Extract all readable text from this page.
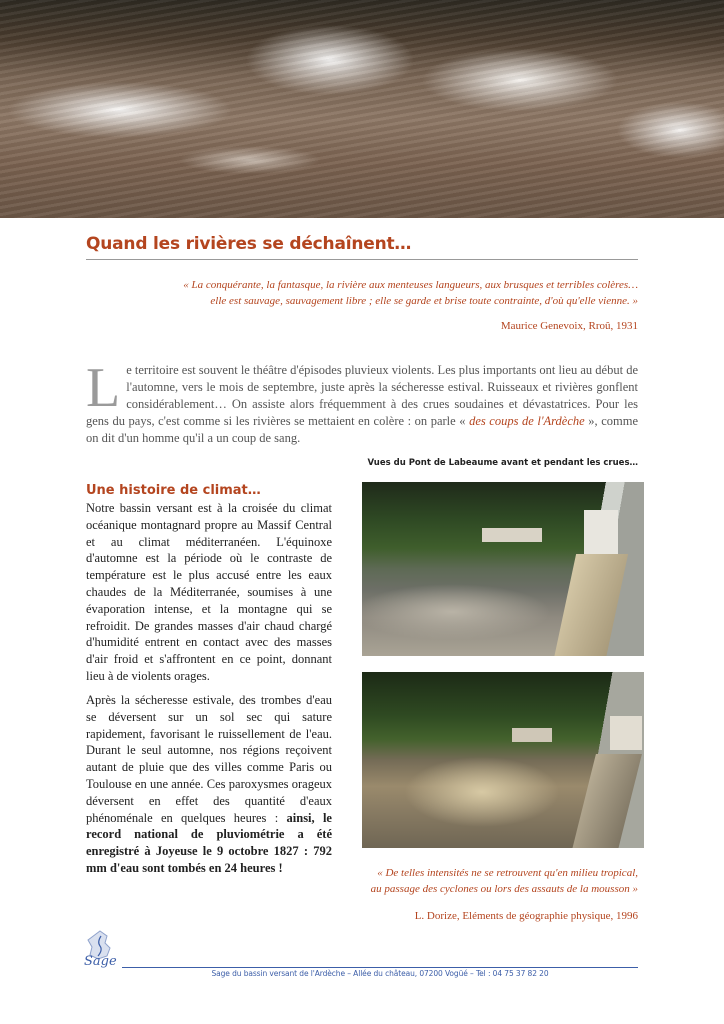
Quand les rivières se déchaînent…
« La conquérante, la fantasque, la rivière aux menteuses langueurs, aux brusques et terribles colères…
elle est sauvage, sauvagement libre ; elle se garde et brise toute contrainte, d'où qu'elle vienne. »
Maurice Genevoix, Rroû, 1931
Le territoire est souvent le théâtre d'épisodes pluvieux violents. Les plus importants ont lieu au début de l'automne, vers le mois de septembre, juste après la sécheresse estival. Ruisseaux et rivières gonflent considérablement… On assiste alors fréquemment à des crues soudaines et dévastatrices. Pour les gens du pays, c'est comme si les rivières se mettaient en colère : on parle « des coups de l'Ardèche », comme on dit d'un homme qu'il a un coup de sang.
Vues du Pont de Labeaume avant et pendant les crues…
Une histoire de climat…

Notre bassin versant est à la croisée du climat océanique montagnard propre au Massif Central et au climat méditerranéen. L'équinoxe d'automne est la période où le contraste de température est le plus accusé entre les eaux chaudes de la Méditerranée, soumises à une évaporation intense, et la montagne qui se refroidit. De grandes masses d'air chaud chargé d'humidité entrent en contact avec des masses d'air froid et s'affrontent en ce point, donnant lieu à de violents orages.

Après la sécheresse estivale, des trombes d'eau se déversent sur un sol sec qui sature rapidement, favorisant le ruissellement de l'eau. Durant le seul automne, nos régions reçoivent autant de pluie que des villes comme Paris ou Toulouse en une année. Ces paroxysmes orageux déversent en effet des quantité d'eaux phénoménale en quelques heures : ainsi, le record national de pluviométrie a été enregistré à Joyeuse le 9 octobre 1827 : 792 mm d'eau sont tombés en 24 heures !	« De telles intensités ne se retrouvent qu'en milieu tropical,
au passage des cyclones ou lors des assauts de la mousson »
L. Dorize, Eléments de géographie physique, 1996
Sage
Sage du bassin versant de l'Ardèche – Allée du château, 07200 Vogüé – Tel : 04 75 37 82 20
